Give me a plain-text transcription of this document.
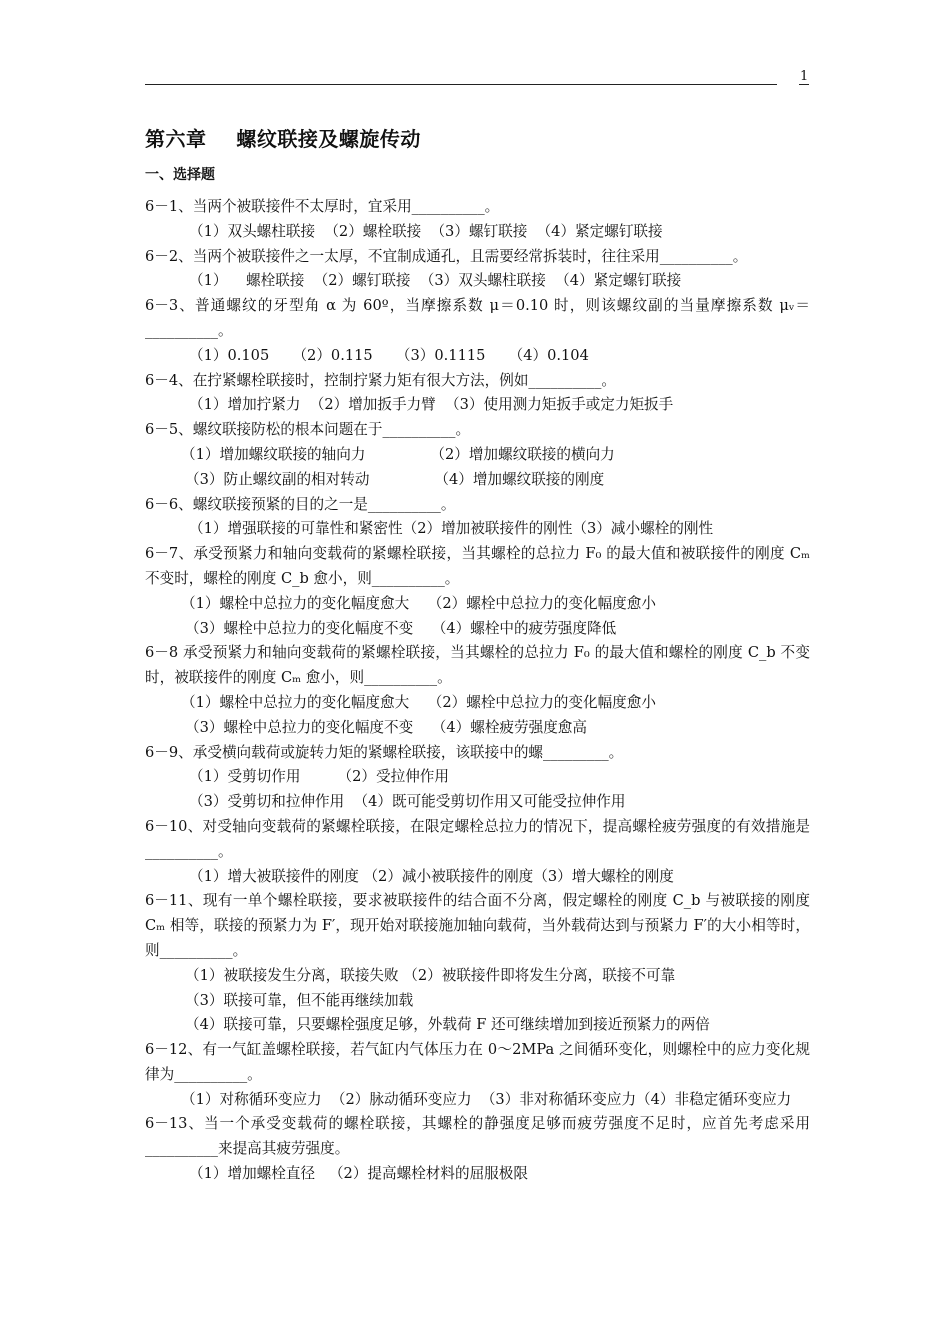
1
第六章    螺纹联接及螺旋传动
一、选择题
6－1、当两个被联接件不太厚时，宜采用__________。
（1）双头螺柱联接  （2）螺栓联接  （3）螺钉联接  （4）紧定螺钉联接
6－2、当两个被联接件之一太厚，不宜制成通孔，且需要经常拆装时，往往采用__________。
（1）    螺栓联接  （2）螺钉联接  （3）双头螺柱联接  （4）紧定螺钉联接
6－3、普通螺纹的牙型角 α 为 60º，当摩擦系数 μ＝0.10 时，则该螺纹副的当量摩擦系数 μᵥ＝__________。
（1）0.105     （2）0.115     （3）0.1115     （4）0.104
6－4、在拧紧螺栓联接时，控制拧紧力矩有很大方法，例如__________。
（1）增加拧紧力  （2）增加扳手力臂  （3）使用测力矩扳手或定力矩扳手
6－5、螺纹联接防松的根本问题在于__________。
（1）增加螺纹联接的轴向力              （2）增加螺纹联接的横向力
（3）防止螺纹副的相对转动              （4）增加螺纹联接的刚度
6－6、螺纹联接预紧的目的之一是__________。
（1）增强联接的可靠性和紧密性（2）增加被联接件的刚性（3）减小螺栓的刚性
6－7、承受预紧力和轴向变载荷的紧螺栓联接，当其螺栓的总拉力 F₀ 的最大值和被联接件的刚度 Cₘ 不变时，螺栓的刚度 C_b 愈小，则__________。
（1）螺栓中总拉力的变化幅度愈大    （2）螺栓中总拉力的变化幅度愈小
（3）螺栓中总拉力的变化幅度不变    （4）螺栓中的疲劳强度降低
6－8 承受预紧力和轴向变载荷的紧螺栓联接，当其螺栓的总拉力 F₀ 的最大值和螺栓的刚度 C_b 不变时，被联接件的刚度 Cₘ 愈小，则__________。
（1）螺栓中总拉力的变化幅度愈大    （2）螺栓中总拉力的变化幅度愈小
（3）螺栓中总拉力的变化幅度不变    （4）螺栓疲劳强度愈高
6－9、承受横向载荷或旋转力矩的紧螺栓联接，该联接中的螺_________。
（1）受剪切作用        （2）受拉伸作用
（3）受剪切和拉伸作用  （4）既可能受剪切作用又可能受拉伸作用
6－10、对受轴向变载荷的紧螺栓联接，在限定螺栓总拉力的情况下，提高螺栓疲劳强度的有效措施是__________。
（1）增大被联接件的刚度 （2）减小被联接件的刚度（3）增大螺栓的刚度
6－11、现有一单个螺栓联接，要求被联接件的结合面不分离，假定螺栓的刚度 C_b 与被联接的刚度 Cₘ 相等，联接的预紧力为 F′，现开始对联接施加轴向载荷，当外载荷达到与预紧力 F′的大小相等时，则__________。
（1）被联接发生分离，联接失败 （2）被联接件即将发生分离，联接不可靠
（3）联接可靠，但不能再继续加载
（4）联接可靠，只要螺栓强度足够，外载荷 F 还可继续增加到接近预紧力的两倍
6－12、有一气缸盖螺栓联接，若气缸内气体压力在 0～2MPa 之间循环变化，则螺栓中的应力变化规律为__________。
（1）对称循环变应力  （2）脉动循环变应力  （3）非对称循环变应力（4）非稳定循环变应力
6－13、当一个承受变载荷的螺栓联接，其螺栓的静强度足够而疲劳强度不足时，应首先考虑采用__________来提高其疲劳强度。
（1）增加螺栓直径   （2）提高螺栓材料的屈服极限
